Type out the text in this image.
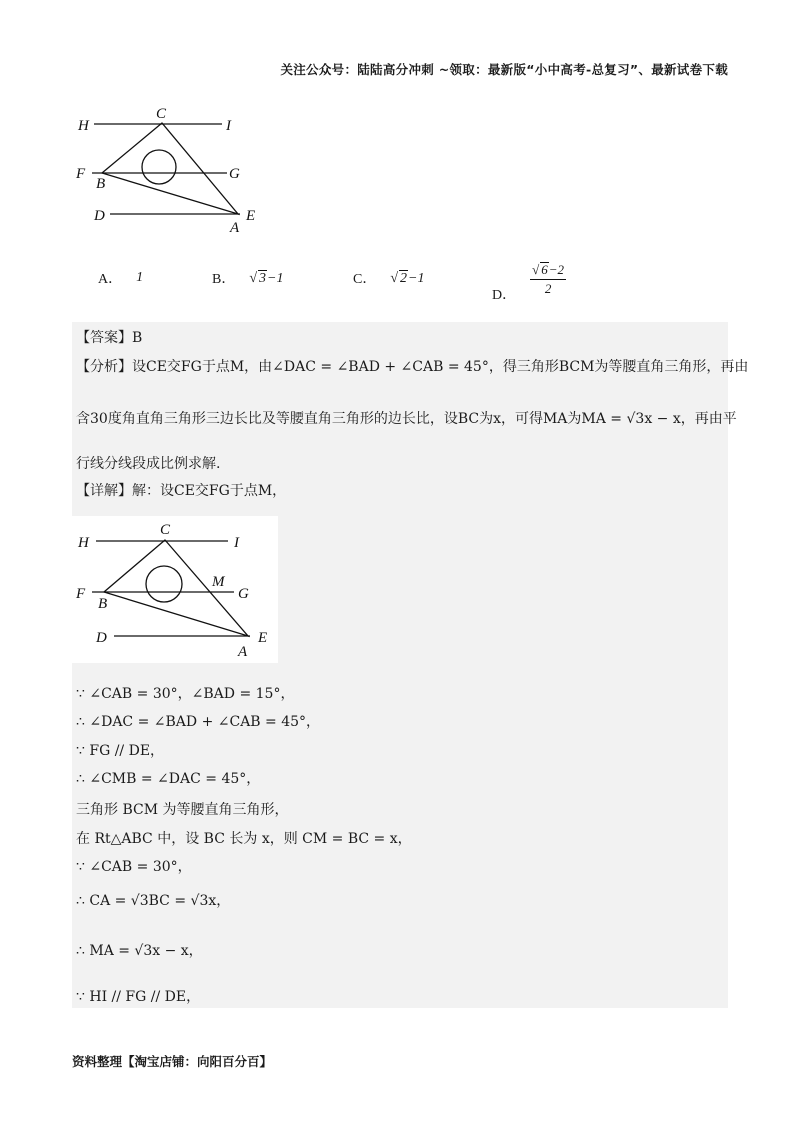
关注公众号：陆陆高分冲刺 ~领取：最新版“小中高考-总复习”、最新试卷下载
H
C
I
F
B
G
D	E
A
A． 1	B． √ 3−1	C． √ 2−1
D． $\frac{√ 6-2}{2}$
【答案】B
【分析】设CE交FG于点M，由∠DAC = ∠BAD + ∠CAB = 45°，得三角形BCM为等腰直角三角形，再由
含30度角直角三角形三边长比及等腰直角三角形的边长比，设BC为x，可得MA为MA = √3x − x，再由平
行线分线段成比例求解.
【详解】解：设CE交FG于点M，
H
C
I
M
F
B
G
D	E
A
∵ ∠CAB = 30°，∠BAD = 15°，
∴ ∠DAC = ∠BAD + ∠CAB = 45°，
∵ FG // DE，
∴ ∠CMB = ∠DAC = 45°，
三角形 BCM 为等腰直角三角形，
在 Rt△ABC 中，设 BC 长为 x，则 CM = BC = x，
∵ ∠CAB = 30°，
∴ CA = √3BC = √3x，
∴ MA = √3x − x，
∵ HI // FG // DE，
资料整理【淘宝店铺：向阳百分百】
